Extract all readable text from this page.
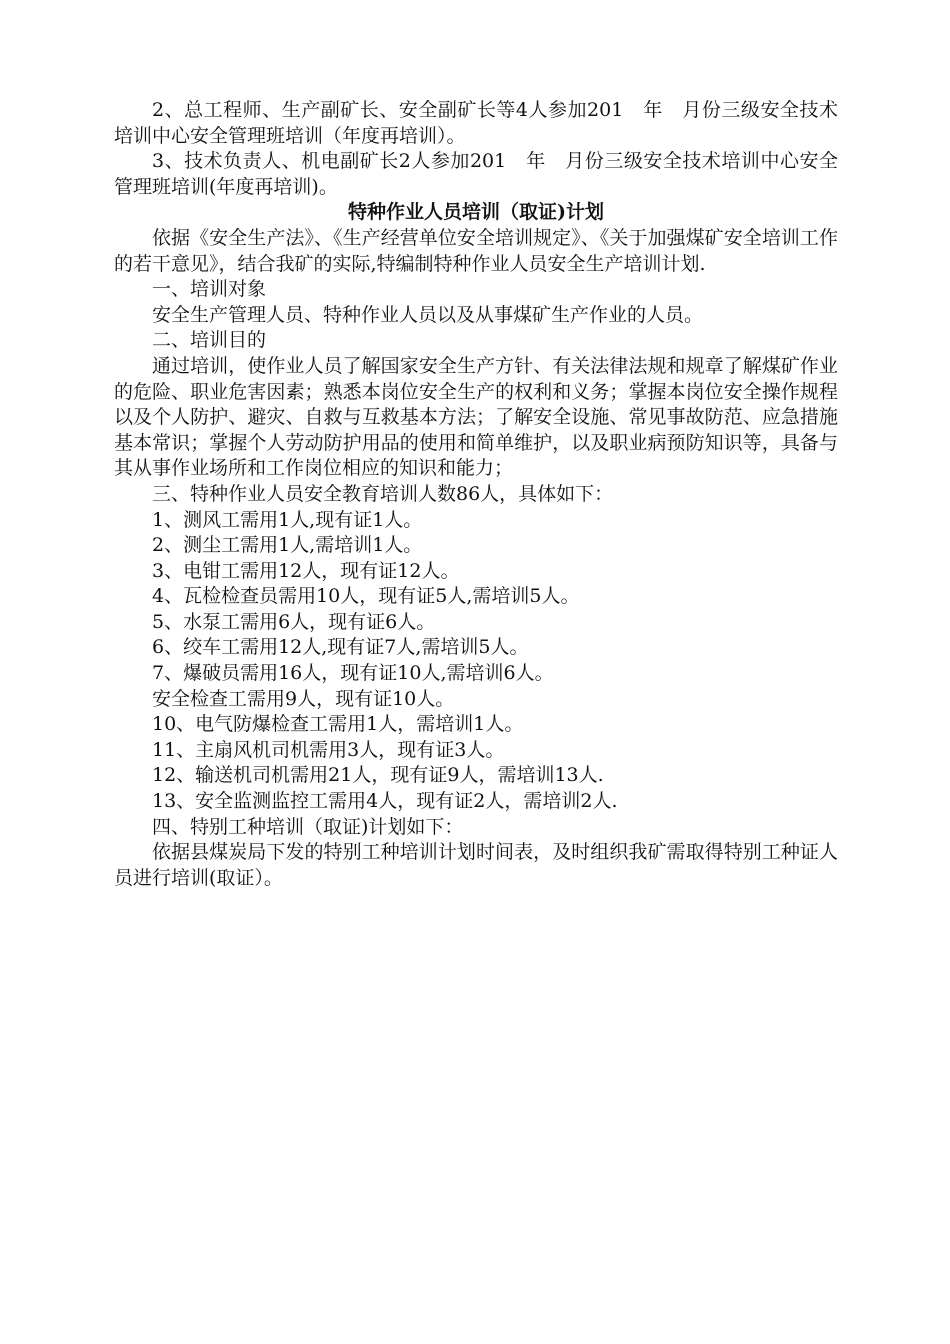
2、总工程师、生产副矿长、安全副矿长等4人参加201　年　月份三级安全技术培训中心安全管理班培训（年度再培训）。

3、技术负责人、机电副矿长2人参加201　年　月份三级安全技术培训中心安全管理班培训(年度再培训)。

特种作业人员培训（取证)计划

依据《安全生产法》、《生产经营单位安全培训规定》、《关于加强煤矿安全培训工作的若干意见》，结合我矿的实际,特编制特种作业人员安全生产培训计划.

一、培训对象

安全生产管理人员、特种作业人员以及从事煤矿生产作业的人员。

二、培训目的

通过培训，使作业人员了解国家安全生产方针、有关法律法规和规章了解煤矿作业的危险、职业危害因素；熟悉本岗位安全生产的权利和义务；掌握本岗位安全操作规程以及个人防护、避灾、自救与互救基本方法；了解安全设施、常见事故防范、应急措施基本常识；掌握个人劳动防护用品的使用和简单维护，以及职业病预防知识等，具备与其从事作业场所和工作岗位相应的知识和能力；

三、特种作业人员安全教育培训人数86人，具体如下：

1、测风工需用1人,现有证1人。

2、测尘工需用1人,需培训1人。

3、电钳工需用12人，现有证12人。

4、瓦检检查员需用10人，现有证5人,需培训5人。

5、水泵工需用6人，现有证6人。

6、绞车工需用12人,现有证7人,需培训5人。

7、爆破员需用16人，现有证10人,需培训6人。

安全检查工需用9人，现有证10人。

10、电气防爆检查工需用1人，需培训1人。

11、主扇风机司机需用3人，现有证3人。

12、输送机司机需用21人，现有证9人，需培训13人.

13、安全监测监控工需用4人，现有证2人，需培训2人.

四、特别工种培训（取证)计划如下：

依据县煤炭局下发的特别工种培训计划时间表，及时组织我矿需取得特别工种证人员进行培训(取证）。
